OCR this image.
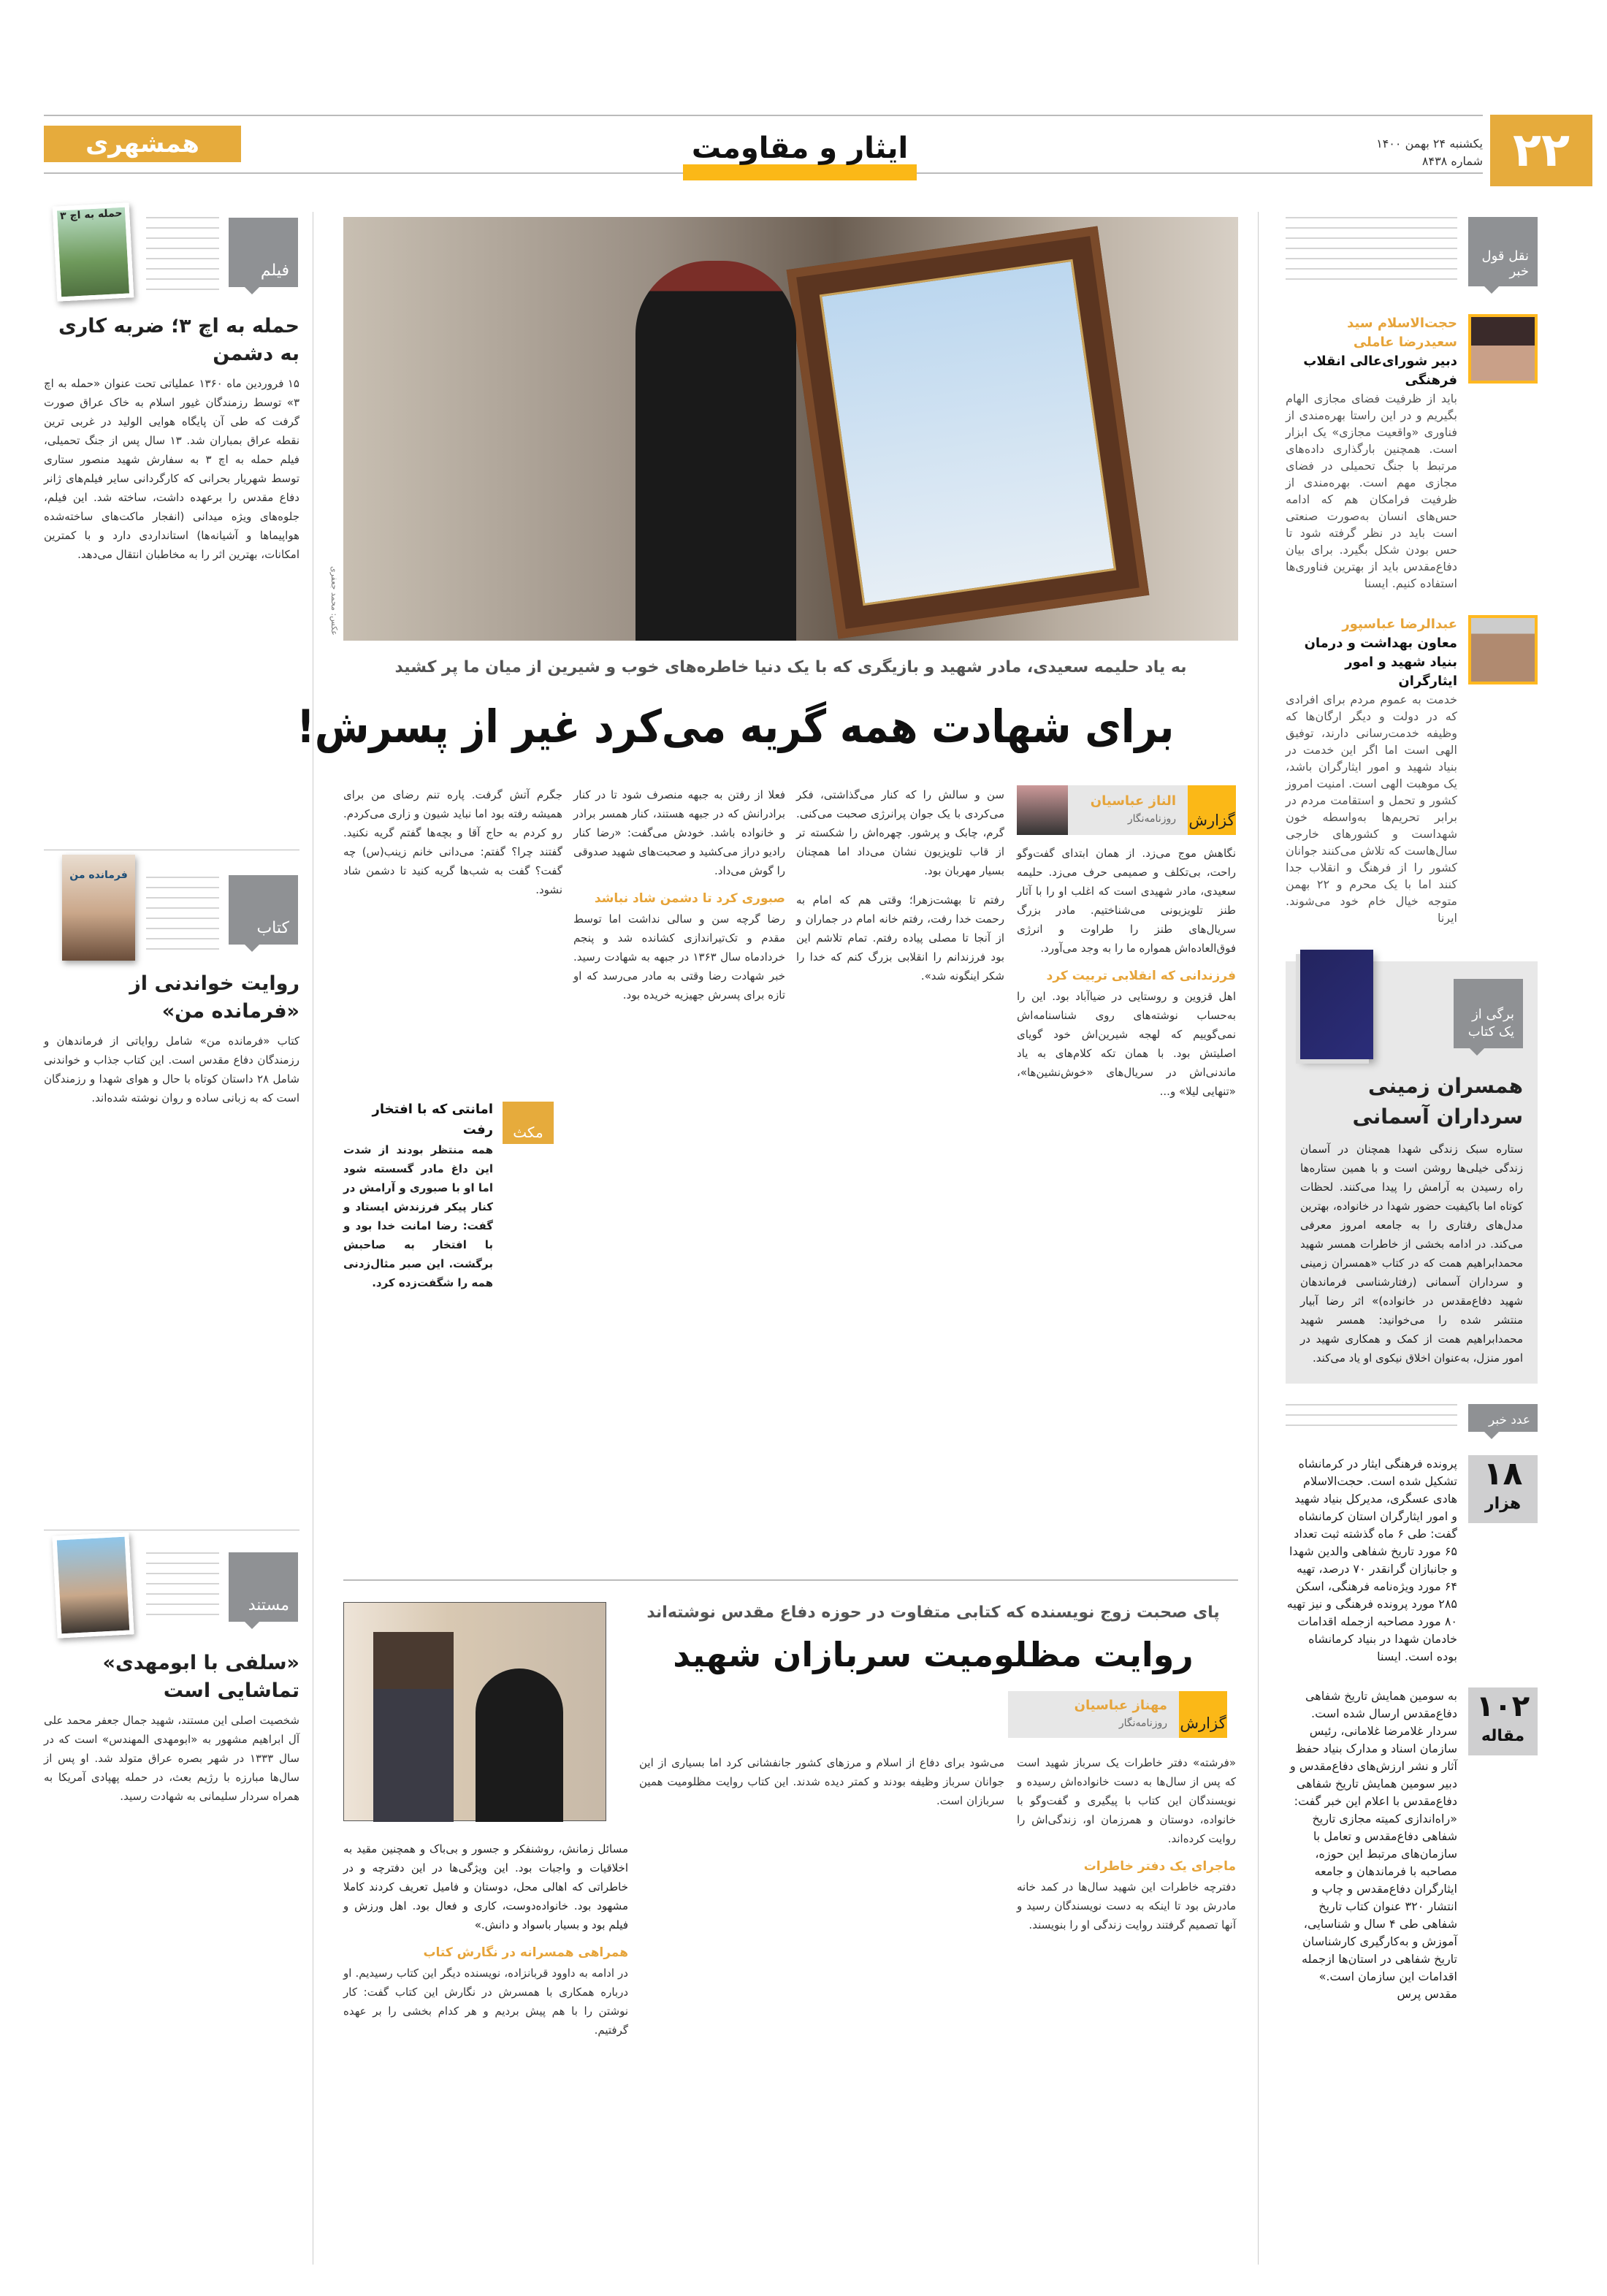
۲۲
یکشنبه ۲۴ بهمن ۱۴۰۰
شماره ۸۴۳۸
ایثار و مقاومت
همشهری
فیلم
حمله به اچ ۳
حمله به اچ ۳؛ ضربه کاری به دشمن
۱۵ فروردین ماه ۱۳۶۰ عملیاتی تحت عنوان «حمله به اچ ۳» توسط رزمندگان غیور اسلام به خاک عراق صورت گرفت که طی آن پایگاه هوایی الولید در غربی ترین نقطه عراق بمباران شد. ۱۳ سال پس از جنگ تحمیلی، فیلم حمله به اچ ۳ به سفارش شهید منصور ستاری توسط شهریار بحرانی که کارگردانی سایر فیلم‌های ژانر دفاع مقدس را برعهده داشت، ساخته شد. این فیلم، جلوه‌های ویژه میدانی (انفجار ماکت‌های ساخته‌شده هواپیماها و آشیانه‌ها) استانداردی دارد و با کمترین امکانات، بهترین اثر را به مخاطبان انتقال می‌دهد.
کتاب
فرمانده من
روایت خواندنی از «فرمانده من»
کتاب «فرمانده من» شامل روایاتی از فرماندهان و رزمندگان دفاع مقدس است. این کتاب جذاب و خواندنی شامل ۲۸ داستان کوتاه با حال و هوای شهدا و رزمندگان است که به زبانی ساده و روان نوشته شده‌اند.
مستند
«سلفی با ابومهدی» تماشایی است
شخصیت اصلی این مستند، شهید جمال جعفر محمد علی آل ابراهیم مشهور به «ابومهدی المهندس» است که در سال ۱۳۳۳ در شهر بصره عراق متولد شد. او پس از سال‌ها مبارزه با رژیم بعث، در حمله پهپادی آمریکا به همراه سردار سلیمانی به شهادت رسید.
عکس: محمد جعفری
به یاد حلیمه سعیدی، مادر شهید و بازیگری که با یک دنیا خاطره‌های خوب و شیرین از میان ما پر کشید
برای شهادت همه گریه می‌کرد غیر از پسرش!
گزارش
الناز عباسیان
روزنامه‌نگار
نگاهش موج می‌زد. از همان ابتدای گفت‌وگو راحت، بی‌تکلف و صمیمی حرف می‌زد. حلیمه سعیدی، مادر شهیدی است که اغلب او را با آثار طنز تلویزیونی می‌شناختیم. مادر بزرگ سریال‌های طنز را طراوت و انرژی فوق‌العاده‌اش همواره ما را به وجد می‌آورد.
فرزندانی که انقلابی تربیت کرد
اهل قزوین و روستایی در ضیاآباد بود. این را به‌حساب نوشته‌های روی شناسنامه‌اش نمی‌گوییم که لهجه شیرین‌اش خود گویای اصلیتش بود. با همان تکه کلام‌های به یاد ماندنی‌اش در سریال‌های «خوش‌نشین‌ها»، «تنهایی لیلا» و...
سن و سالش را که کنار می‌گذاشتی، فکر می‌کردی با یک جوان پرانرژی صحبت می‌کنی. گرم، چابک و پرشور. چهره‌اش را شکسته تر از قاب تلویزیون نشان می‌داد اما همچنان بسیار مهربان بود.
رفتم تا بهشت‌زهرا؛ وقتی هم که امام به رحمت خدا رفت، رفتم خانه امام در جماران و از آنجا تا مصلی پیاده رفتم. تمام تلاشم این بود فرزندانم را انقلابی بزرگ کنم که خدا را شکر اینگونه شد».
فعلا از رفتن به جبهه منصرف شود تا در کنار برادرانش که در جبهه هستند، کنار همسر برادر و خانواده باشد. خودش می‌گفت: «رضا کنار رادیو دراز می‌کشید و صحبت‌های شهید صدوقی را گوش می‌داد.
صبوری کرد تا دشمن شاد نباشد
رضا گرچه سن و سالی نداشت اما توسط مقدم و تک‌تیراندازی کشانده شد و پنجم خردادماه سال ۱۳۶۳ در جبهه به شهادت رسید. خبر شهادت رضا وقتی به مادر می‌رسد که او تازه برای پسرش جهیزیه خریده بود.
جگرم آتش گرفت. پاره تنم رضای من برای همیشه رفته بود اما نباید شیون و زاری می‌کردم. رو کردم به حاج آقا و بچه‌ها گفتم گریه نکنید. گفتند چرا؟ گفتم: می‌دانی خانم زینب(س) چه گفت؟ گفت به شب‌ها گریه کنید تا دشمن شاد نشود.
مکث
امانتی که با افتخار رفت
همه منتظر بودند از شدت این داغ مادر گسسته شود اما او با صبوری و آرامش در کنار پیکر فرزندش ایستاد و گفت: رضا امانت خدا بود و با افتخار به صاحبش برگشت. این صبر مثال‌زدنی همه را شگفت‌زده کرد.
پای صحبت زوج نویسنده که کتابی متفاوت در حوزه دفاع مقدس نوشته‌اند
روایت مظلومیت سربازان شهید
گزارش
مهناز عباسیان
روزنامه‌نگار
«فرشته» دفتر خاطرات یک سرباز شهید است که پس از سال‌ها به دست خانواده‌اش رسیده و نویسندگان این کتاب با پیگیری و گفت‌وگو با خانواده، دوستان و همرزمان او، زندگی‌اش را روایت کرده‌اند.
ماجرای یک دفتر خاطرات
دفترچه خاطرات این شهید سال‌ها در کمد خانه مادرش بود تا اینکه به دست نویسندگان رسید و آنها تصمیم گرفتند روایت زندگی او را بنویسند.
می‌شود برای دفاع از اسلام و مرزهای کشور جانفشانی کرد اما بسیاری از این جوانان سرباز وظیفه بودند و کمتر دیده شدند. این کتاب روایت مظلومیت همین سربازان است.
مسائل زمانش، روشنفکر و جسور و بی‌باک و همچنین مقید به اخلاقیات و واجبات بود. این ویژگی‌ها در این دفترچه و در خاطراتی که اهالی محل، دوستان و فامیل تعریف کردند کاملا مشهود بود. خانواده‌دوست، کاری و فعال بود. اهل ورزش و فیلم بود و بسیار باسواد و دانش.»
همراهی همسرانه در نگارش کتاب
در ادامه به داوود قربانزاده، نویسنده دیگر این کتاب رسیدیم. او درباره همکاری با همسرش در نگارش این کتاب گفت: کار نوشتن را با هم پیش بردیم و هر کدام بخشی را بر عهده گرفتیم.
نقل قول خبر
حجت‌الاسلام سید سعیدرضا عاملی
دبیر شورای‌عالی انقلاب فرهنگی
باید از ظرفیت فضای مجازی الهام بگیریم و در این راستا بهره‌مندی از فناوری «واقعیت مجازی» یک ابزار است. همچنین بارگذاری داده‌های مرتبط با جنگ تحمیلی در فضای مجازی مهم است. بهره‌مندی از ظرفیت فرامکان هم که ادامه حس‌های انسان به‌صورت صنعتی است باید در نظر گرفته شود تا حس بودن شکل بگیرد. برای بیان دفاع‌مقدس باید از بهترین فناوری‌ها استفاده کنیم. ایسنا
عبدالرضا عباسپور
معاون بهداشت و درمان بنیاد شهید و امور ایثارگران
خدمت به عموم مردم برای افرادی که در دولت و دیگر ارگان‌ها که وظیفه خدمت‌رسانی دارند، توفیق الهی است اما اگر این خدمت در بنیاد شهید و امور ایثارگران باشد، یک موهبت الهی است. امنیت امروز کشور و تحمل و استقامت مردم در برابر تحریم‌ها به‌واسطه خون شهداست و کشورهای خارجی سال‌هاست که تلاش می‌کنند جوانان کشور را از فرهنگ و انقلاب جدا کنند اما با یک محرم و ۲۲ بهمن متوجه خیال خام خود می‌شوند. ایرنا
برگی از یک کتاب
همسران زمینی سرداران آسمانی
ستاره سبک زندگی شهدا همچنان در آسمان زندگی خیلی‌ها روشن است و با همین ستاره‌ها راه رسیدن به آرامش را پیدا می‌کنند. لحظات کوتاه اما باکیفیت حضور شهدا در خانواده، بهترین مدل‌های رفتاری را به جامعه امروز معرفی می‌کند. در ادامه بخشی از خاطرات همسر شهید محمدابراهیم همت که در کتاب «همسران زمینی و سرداران آسمانی (رفتارشناسی فرماندهان شهید دفاع‌مقدس در خانواده)» اثر رضا آبیار منتشر شده را می‌خوانید: همسر شهید محمدابراهیم همت از کمک و همکاری شهید در امور منزل، به‌عنوان اخلاق نیکوی او یاد می‌کند.
عدد خبر
۱۸
هزار
پرونده فرهنگی ایثار در کرمانشاه تشکیل شده است. حجت‌الاسلام هادی عسگری، مدیرکل بنیاد شهید و امور ایثارگران استان کرمانشاه گفت: طی ۶ ماه گذشته ثبت تعداد ۶۵ مورد تاریخ شفاهی والدین شهدا و جانبازان گرانقدر ۷۰ درصد، تهیه ۶۴ مورد ویژه‌نامه فرهنگی، اسکن ۲۸۵ مورد پرونده فرهنگی و نیز تهیه ۸۰ مورد مصاحبه ازجمله اقدامات خادمان شهدا در بنیاد کرمانشاه بوده است. ایسنا
۱۰۲
مقاله
به سومین همایش تاریخ شفاهی دفاع‌مقدس ارسال شده است. سردار غلامرضا غلامانی، رئیس سازمان اسناد و مدارک بنیاد حفظ آثار و نشر ارزش‌های دفاع‌مقدس و دبیر سومین همایش تاریخ شفاهی دفاع‌مقدس با اعلام این خبر گفت: «راه‌اندازی کمیته مجازی تاریخ شفاهی دفاع‌مقدس و تعامل با سازمان‌های مرتبط این حوزه، مصاحبه با فرماندهان و جامعه ایثارگران دفاع‌مقدس و چاپ و انتشار ۳۲۰ عنوان کتاب تاریخ شفاهی طی ۴ سال و شناسایی، آموزش و به‌کارگیری کارشناسان تاریخ شفاهی در استان‌ها ازجمله اقدامات این سازمان است.» مقدس پرس
